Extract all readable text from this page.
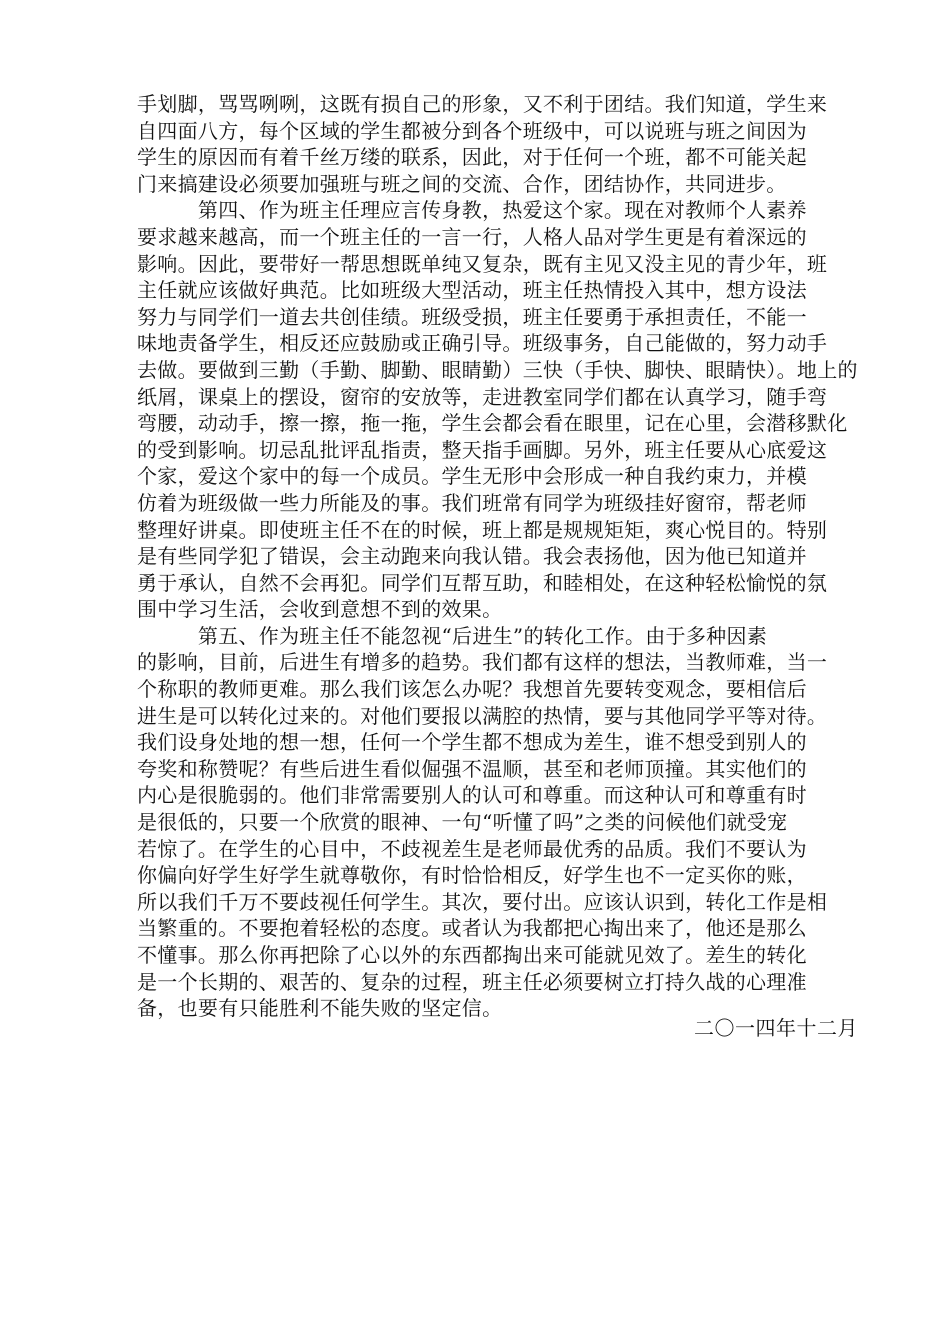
手划脚，骂骂咧咧，这既有损自己的形象，又不利于团结。我们知道，学生来
自四面八方，每个区域的学生都被分到各个班级中，可以说班与班之间因为
学生的原因而有着千丝万缕的联系，因此，对于任何一个班，都不可能关起
门来搞建设必须要加强班与班之间的交流、合作，团结协作，共同进步。
　　　第四、作为班主任理应言传身教，热爱这个家。现在对教师个人素养
要求越来越高，而一个班主任的一言一行，人格人品对学生更是有着深远的
影响。因此，要带好一帮思想既单纯又复杂，既有主见又没主见的青少年，班
主任就应该做好典范。比如班级大型活动，班主任热情投入其中，想方设法
努力与同学们一道去共创佳绩。班级受损，班主任要勇于承担责任，不能一
味地责备学生，相反还应鼓励或正确引导。班级事务，自己能做的，努力动手
去做。要做到三勤（手勤、脚勤、眼睛勤）三快（手快、脚快、眼睛快）。地上的
纸屑，课桌上的摆设，窗帘的安放等，走进教室同学们都在认真学习，随手弯
弯腰，动动手，擦一擦，拖一拖，学生会都会看在眼里，记在心里，会潜移默化
的受到影响。切忌乱批评乱指责，整天指手画脚。另外，班主任要从心底爱这
个家，爱这个家中的每一个成员。学生无形中会形成一种自我约束力，并模
仿着为班级做一些力所能及的事。我们班常有同学为班级挂好窗帘，帮老师
整理好讲桌。即使班主任不在的时候，班上都是规规矩矩，爽心悦目的。特别
是有些同学犯了错误，会主动跑来向我认错。我会表扬他，因为他已知道并
勇于承认，自然不会再犯。同学们互帮互助，和睦相处，在这种轻松愉悦的氛
围中学习生活，会收到意想不到的效果。
　　　第五、作为班主任不能忽视“后进生”的转化工作。由于多种因素
的影响，目前，后进生有增多的趋势。我们都有这样的想法，当教师难，当一
个称职的教师更难。那么我们该怎么办呢？我想首先要转变观念，要相信后
进生是可以转化过来的。对他们要报以满腔的热情，要与其他同学平等对待。
我们设身处地的想一想，任何一个学生都不想成为差生，谁不想受到别人的
夸奖和称赞呢？有些后进生看似倔强不温顺，甚至和老师顶撞。其实他们的
内心是很脆弱的。他们非常需要别人的认可和尊重。而这种认可和尊重有时
是很低的，只要一个欣赏的眼神、一句“听懂了吗”之类的问候他们就受宠
若惊了。在学生的心目中，不歧视差生是老师最优秀的品质。我们不要认为
你偏向好学生好学生就尊敬你，有时恰恰相反，好学生也不一定买你的账，
所以我们千万不要歧视任何学生。其次，要付出。应该认识到，转化工作是相
当繁重的。不要抱着轻松的态度。或者认为我都把心掏出来了，他还是那么
不懂事。那么你再把除了心以外的东西都掏出来可能就见效了。差生的转化
是一个长期的、艰苦的、复杂的过程，班主任必须要树立打持久战的心理准
备，也要有只能胜利不能失败的坚定信。
二〇一四年十二月
